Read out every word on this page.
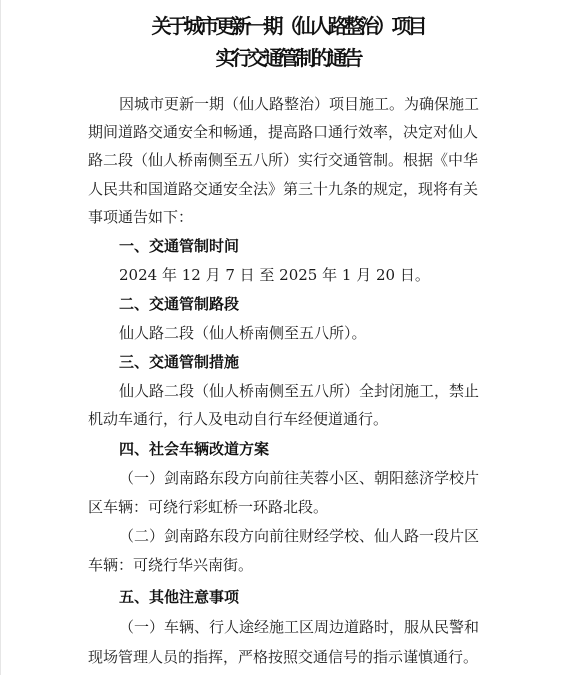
关于城市更新一期（仙人路整治）项目
实行交通管制的通告
因城市更新一期（仙人路整治）项目施工。为确保施工
期间道路交通安全和畅通，提高路口通行效率，决定对仙人
路二段（仙人桥南侧至五八所）实行交通管制。根据《中华
人民共和国道路交通安全法》第三十九条的规定，现将有关
事项通告如下：
一、交通管制时间
2024 年 12 月 7 日 至 2025 年 1 月 20 日。
二、交通管制路段
仙人路二段（仙人桥南侧至五八所）。
三、交通管制措施
仙人路二段（仙人桥南侧至五八所）全封闭施工，禁止
机动车通行，行人及电动自行车经便道通行。
四、社会车辆改道方案
（一）剑南路东段方向前往芙蓉小区、朝阳慈济学校片
区车辆：可绕行彩虹桥一环路北段。
（二）剑南路东段方向前往财经学校、仙人路一段片区
车辆：可绕行华兴南街。
五、其他注意事项
（一）车辆、行人途经施工区周边道路时，服从民警和
现场管理人员的指挥，严格按照交通信号的指示谨慎通行。
